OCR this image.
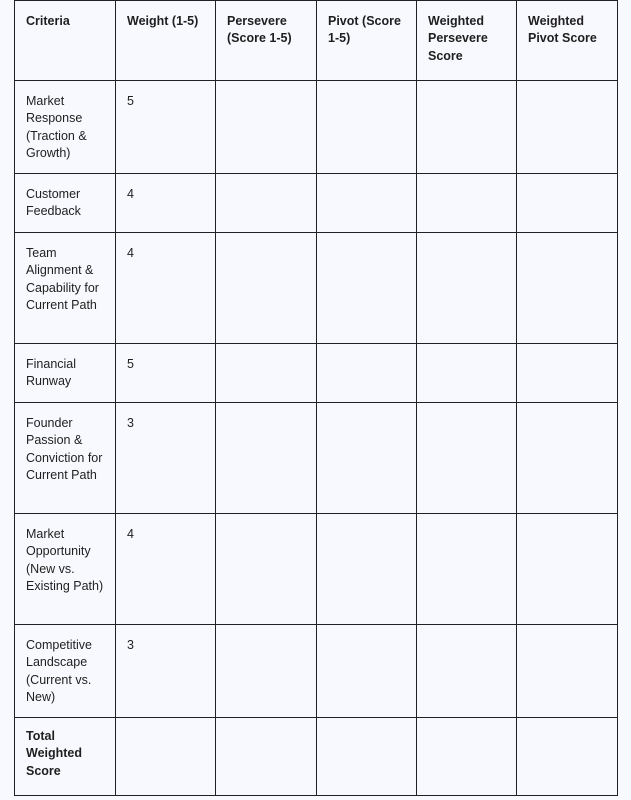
Criteria	Weight (1-5)	Persevere (Score 1-5)	Pivot (Score 1-5)	Weighted Persevere Score	Weighted Pivot Score
Market Response (Traction & Growth)	5				
Customer Feedback	4				
Team Alignment & Capability for Current Path	4				
Financial Runway	5				
Founder Passion & Conviction for Current Path	3				
Market Opportunity (New vs. Existing Path)	4				
Competitive Landscape (Current vs. New)	3				
Total Weighted Score					
